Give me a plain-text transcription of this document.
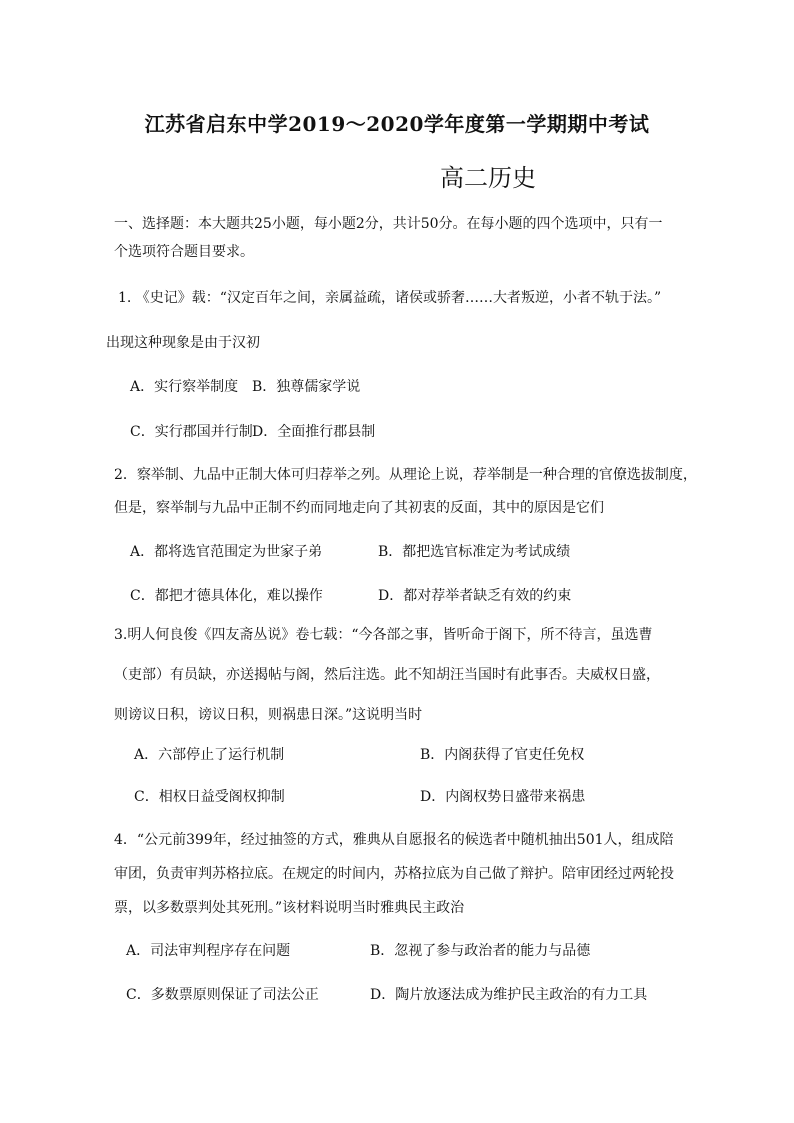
江苏省启东中学2019～2020学年度第一学期期中考试
高二历史
一、选择题：本大题共25小题，每小题2分，共计50分。在每小题的四个选项中，只有一
个选项符合题目要求。
1. 《史记》载：“汉定百年之间，亲属益疏，诸侯或骄奢……大者叛逆，小者不轨于法。”
出现这种现象是由于汉初
A．实行察举制度 B．独尊儒家学说
C．实行郡国并行制 D．全面推行郡县制
2．察举制、九品中正制大体可归荐举之列。从理论上说，荐举制是一种合理的官僚选拔制度，
但是，察举制与九品中正制不约而同地走向了其初衷的反面，其中的原因是它们
A．都将选官范围定为世家子弟	B．都把选官标准定为考试成绩
C．都把才德具体化，难以操作	D．都对荐举者缺乏有效的约束
3.明人何良俊《四友斋丛说》卷七载：“今各部之事，皆听命于阁下，所不待言，虽选曹
（吏部）有员缺，亦送揭帖与阁，然后注选。此不知胡汪当国时有此事否。夫威权日盛，
则谤议日积，谤议日积，则祸患日深。”这说明当时
A．六部停止了运行机制	B．内阁获得了官吏任免权
C．相权日益受阁权抑制	D．内阁权势日盛带来祸患
4．“公元前399年，经过抽签的方式，雅典从自愿报名的候选者中随机抽出501人，组成陪
审团，负责审判苏格拉底。在规定的时间内，苏格拉底为自己做了辩护。陪审团经过两轮投
票，以多数票判处其死刑。”该材料说明当时雅典民主政治
A．司法审判程序存在问题	B．忽视了参与政治者的能力与品德
C．多数票原则保证了司法公正	D．陶片放逐法成为维护民主政治的有力工具
